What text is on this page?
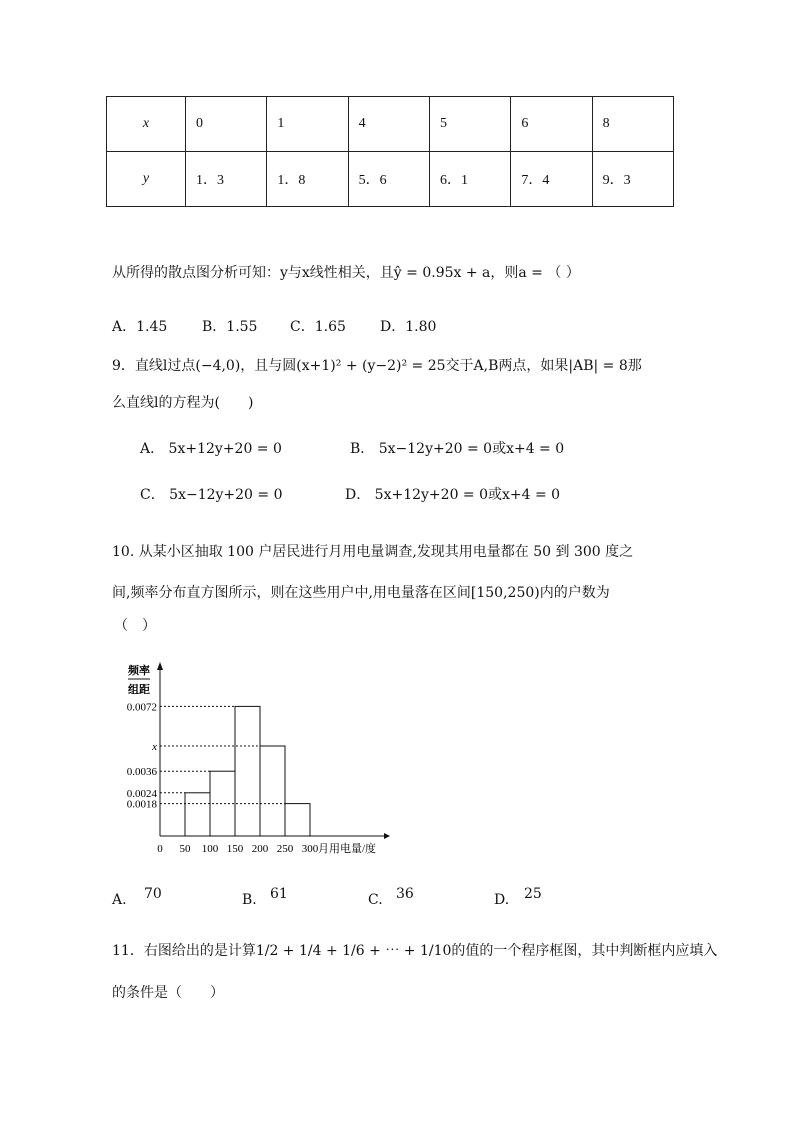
x	0	1	4	5	6	8
y	1．3	1．8	5．6	6．1	7．4	9．3
从所得的散点图分析可知：y与x线性相关，且ŷ = 0.95x + a，则a = （ ）
A．1.45 B．1.55 C．1.65 D．1.80
9．直线l过点(−4,0)，且与圆(x+1)² + (y−2)² = 25交于A,B两点，如果|AB| = 8那
么直线l的方程为(　　)
A． 5x+12y+20 = 0	B． 5x−12y+20 = 0或x+4 = 0
C． 5x−12y+20 = 0	D． 5x+12y+20 = 0或x+4 = 0
10. 从某小区抽取 100 户居民进行月用电量调查,发现其用电量都在 50 到 300 度之
间,频率分布直方图所示，则在这些用户中,用电量落在区间[150,250)内的户数为
（　）
频率
组距
0.0072
x
0.0036
0.0024
0.0018
0 50 100 150 200 250 300 月用电量/度
A. 70	B. 61	C. 36	D. 25
11．右图给出的是计算1/2 + 1/4 + 1/6 + ⋯ + 1/10的值的一个程序框图，其中判断框内应填入
的条件是（　　）
